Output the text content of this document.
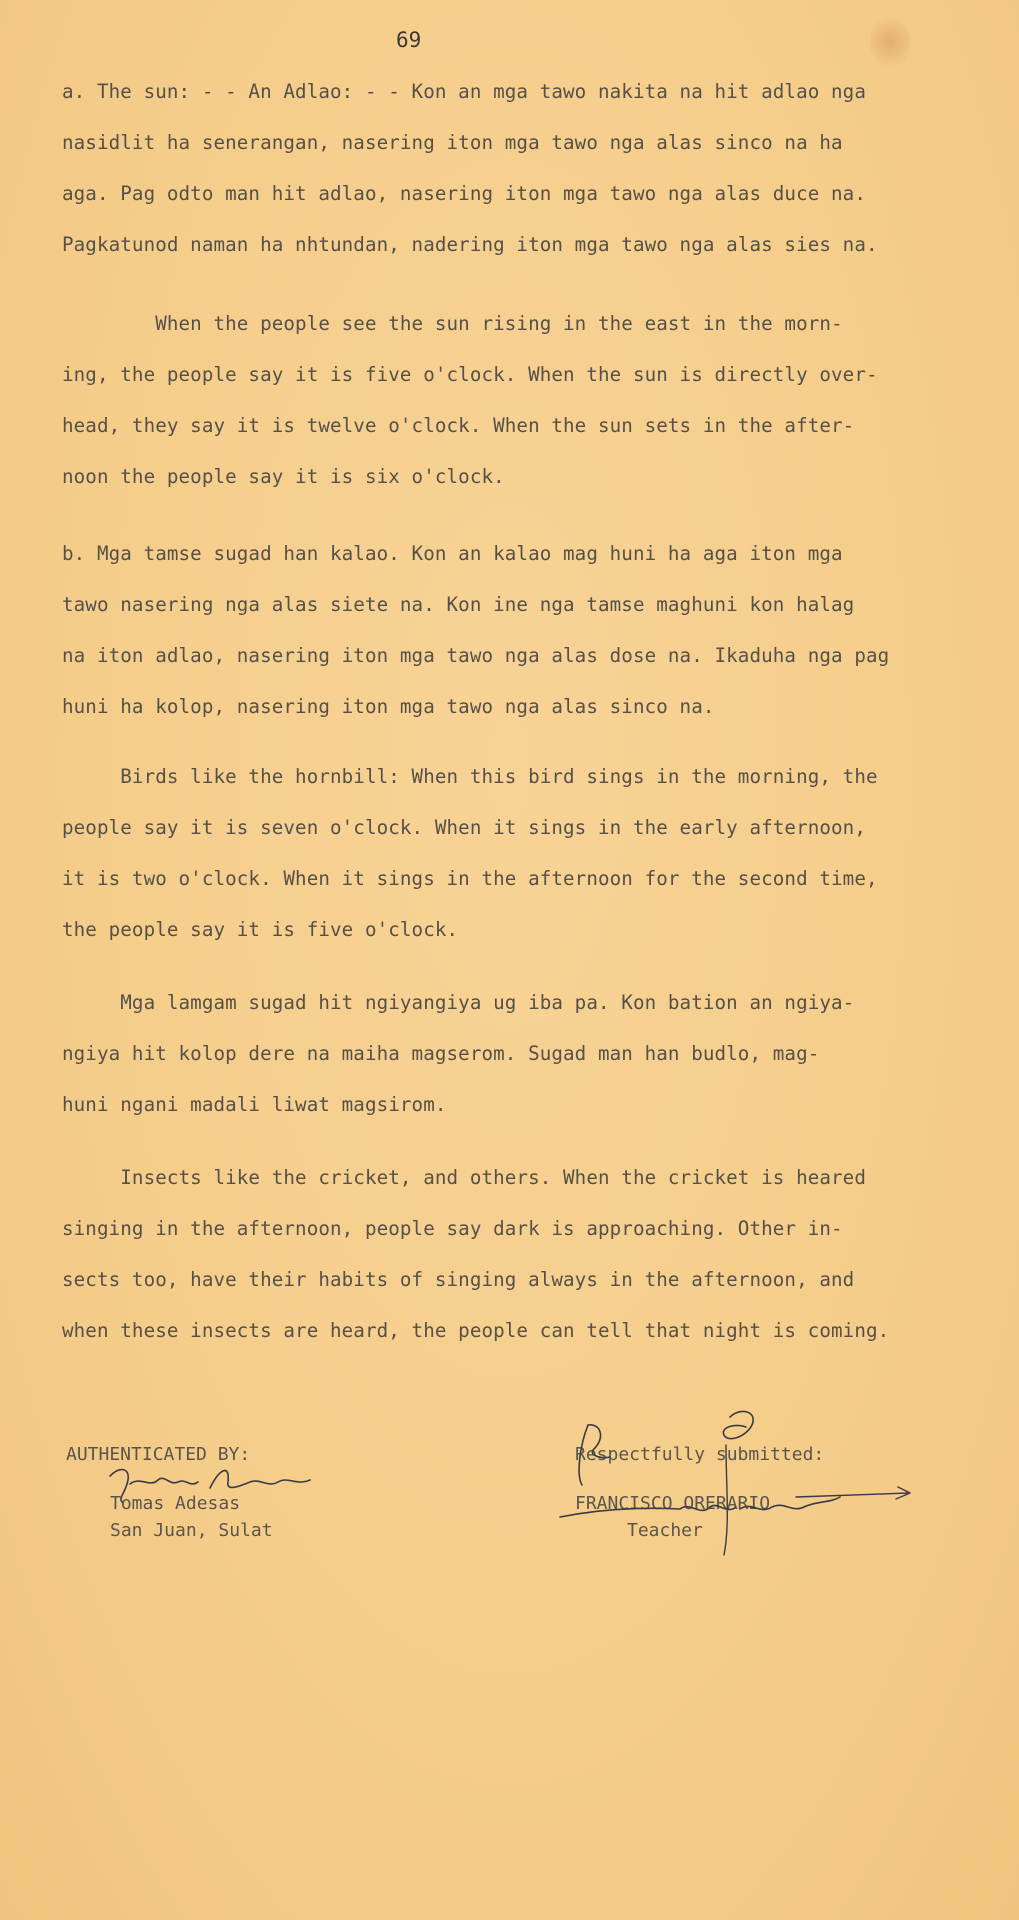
69
a. The sun: - - An Adlao: - - Kon an mga tawo nakita na hit adlao nga
nasidlit ha senerangan, nasering iton mga tawo nga alas sinco na ha
aga. Pag odto man hit adlao, nasering iton mga tawo nga alas duce na.
Pagkatunod naman ha nhtundan, nadering iton mga tawo nga alas sies na.
When the people see the sun rising in the east in the morn-
ing, the people say it is five o'clock. When the sun is directly over-
head, they say it is twelve o'clock. When the sun sets in the after-
noon the people say it is six o'clock.
b. Mga tamse sugad han kalao. Kon an kalao mag huni ha aga iton mga
tawo nasering nga alas siete na. Kon ine nga tamse maghuni kon halag
na iton adlao, nasering iton mga tawo nga alas dose na. Ikaduha nga pag
huni ha kolop, nasering iton mga tawo nga alas sinco na.
Birds like the hornbill: When this bird sings in the morning, the
people say it is seven o'clock. When it sings in the early afternoon,
it is two o'clock. When it sings in the afternoon for the second time,
the people say it is five o'clock.
Mga lamgam sugad hit ngiyangiya ug iba pa. Kon bation an ngiya-
ngiya hit kolop dere na maiha magserom. Sugad man han budlo, mag-
huni ngani madali liwat magsirom.
Insects like the cricket, and others. When the cricket is heared
singing in the afternoon, people say dark is approaching. Other in-
sects too, have their habits of singing always in the afternoon, and
when these insects are heard, the people can tell that night is coming.
AUTHENTICATED BY:
Tomas Adesas
San Juan, Sulat
Respectfully submitted:
FRANCISCO ORERARIO
Teacher
